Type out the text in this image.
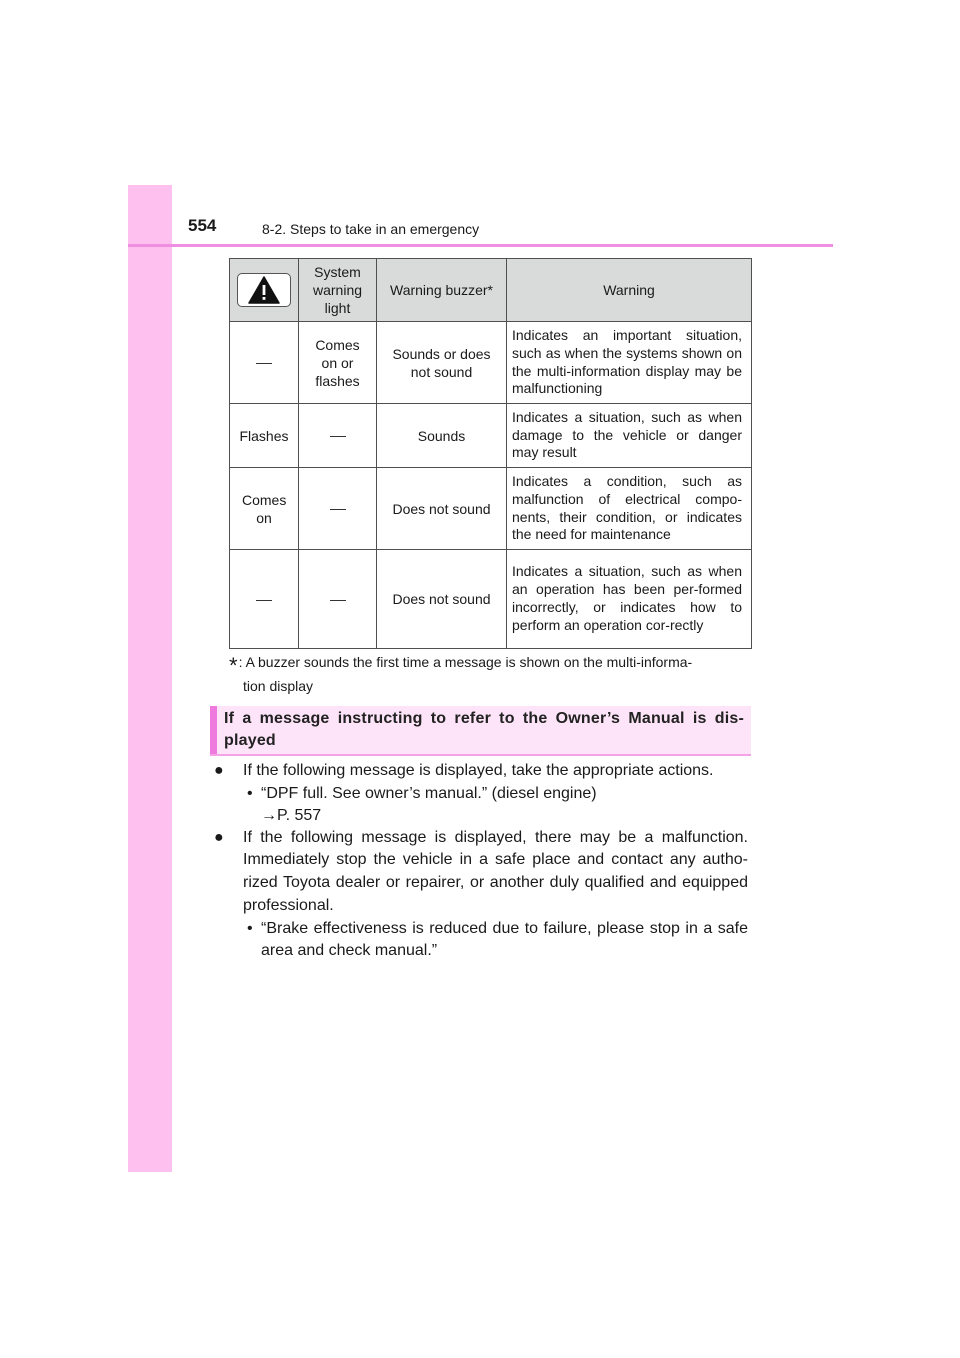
554	8-2. Steps to take in an emergency
	System warning light	Warning buzzer*	Warning
	Comes on or flashes	Sounds or does not sound	Indicates an important situation, such as when the systems shown on the multi-information display may be malfunctioning
Flashes		Sounds	Indicates a situation, such as when damage to the vehicle or danger may result
Comes on		Does not sound	Indicates a condition, such as malfunction of electrical compo-nents, their condition, or indicates the need for maintenance
		Does not sound	Indicates a situation, such as when an operation has been per-formed incorrectly, or indicates how to perform an operation cor-rectly
*: A buzzer sounds the first time a message is shown on the multi-informa-
tion display
If a message instructing to refer to the Owner’s Manual is dis-played
● If the following message is displayed, take the appropriate actions.
• “DPF full. See owner’s manual.” (diesel engine)
→P. 557
● If the following message is displayed, there may be a malfunction. Immediately stop the vehicle in a safe place and contact any autho-rized Toyota dealer or repairer, or another duly qualified and equipped professional.
• “Brake effectiveness is reduced due to failure, please stop in a safe area and check manual.”
